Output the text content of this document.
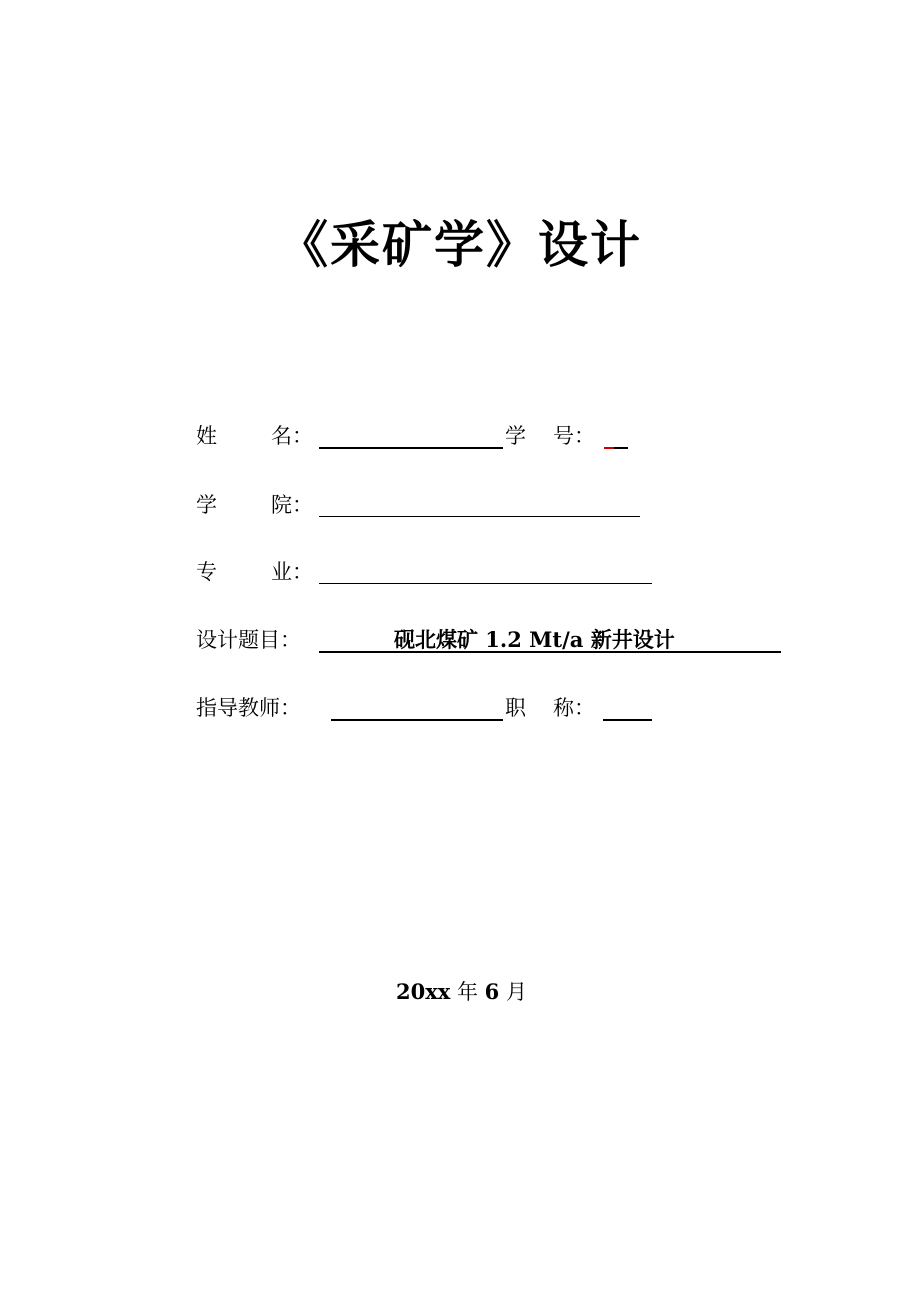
《采矿学》设计
姓	名：	学 号：
学	院：
专	业：
设计题目：	砚北煤矿 1.2 Mt/a 新井设计
指导教师：	职 称：
20xx 年 6 月
